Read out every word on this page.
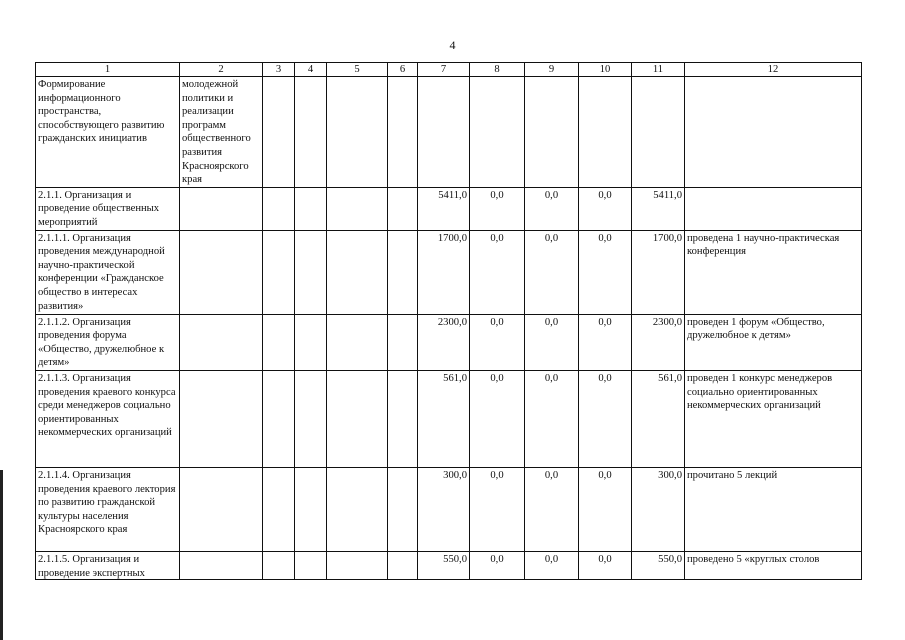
4
1	2	3	4	5	6	7	8	9	10	11	12
Формирование информационного пространства, способствующего развитию гражданских инициатив	молодежной политики и реализации программ общественного развития Красноярского края										
2.1.1. Организация и проведение общественных мероприятий						5411,0	0,0	0,0	0,0	5411,0	
2.1.1.1. Организация проведения международной научно-практической конференции «Гражданское общество в интересах развития»						1700,0	0,0	0,0	0,0	1700,0	проведена 1 научно-практическая конференция
2.1.1.2. Организация проведения форума «Общество, дружелюбное к детям»						2300,0	0,0	0,0	0,0	2300,0	проведен 1 форум «Общество, дружелюбное к детям»
2.1.1.3. Организация проведения краевого конкурса среди менеджеров социально ориентированных некоммерческих организаций						561,0	0,0	0,0	0,0	561,0	проведен 1 конкурс менеджеров социально ориентированных некоммерческих организаций
2.1.1.4. Организация проведения краевого лектория по развитию гражданской культуры населения Красноярского края						300,0	0,0	0,0	0,0	300,0	прочитано 5 лекций

2.1.1.5. Организация и проведение экспертных						550,0	0,0	0,0	0,0	550,0	проведено 5 «круглых столов
